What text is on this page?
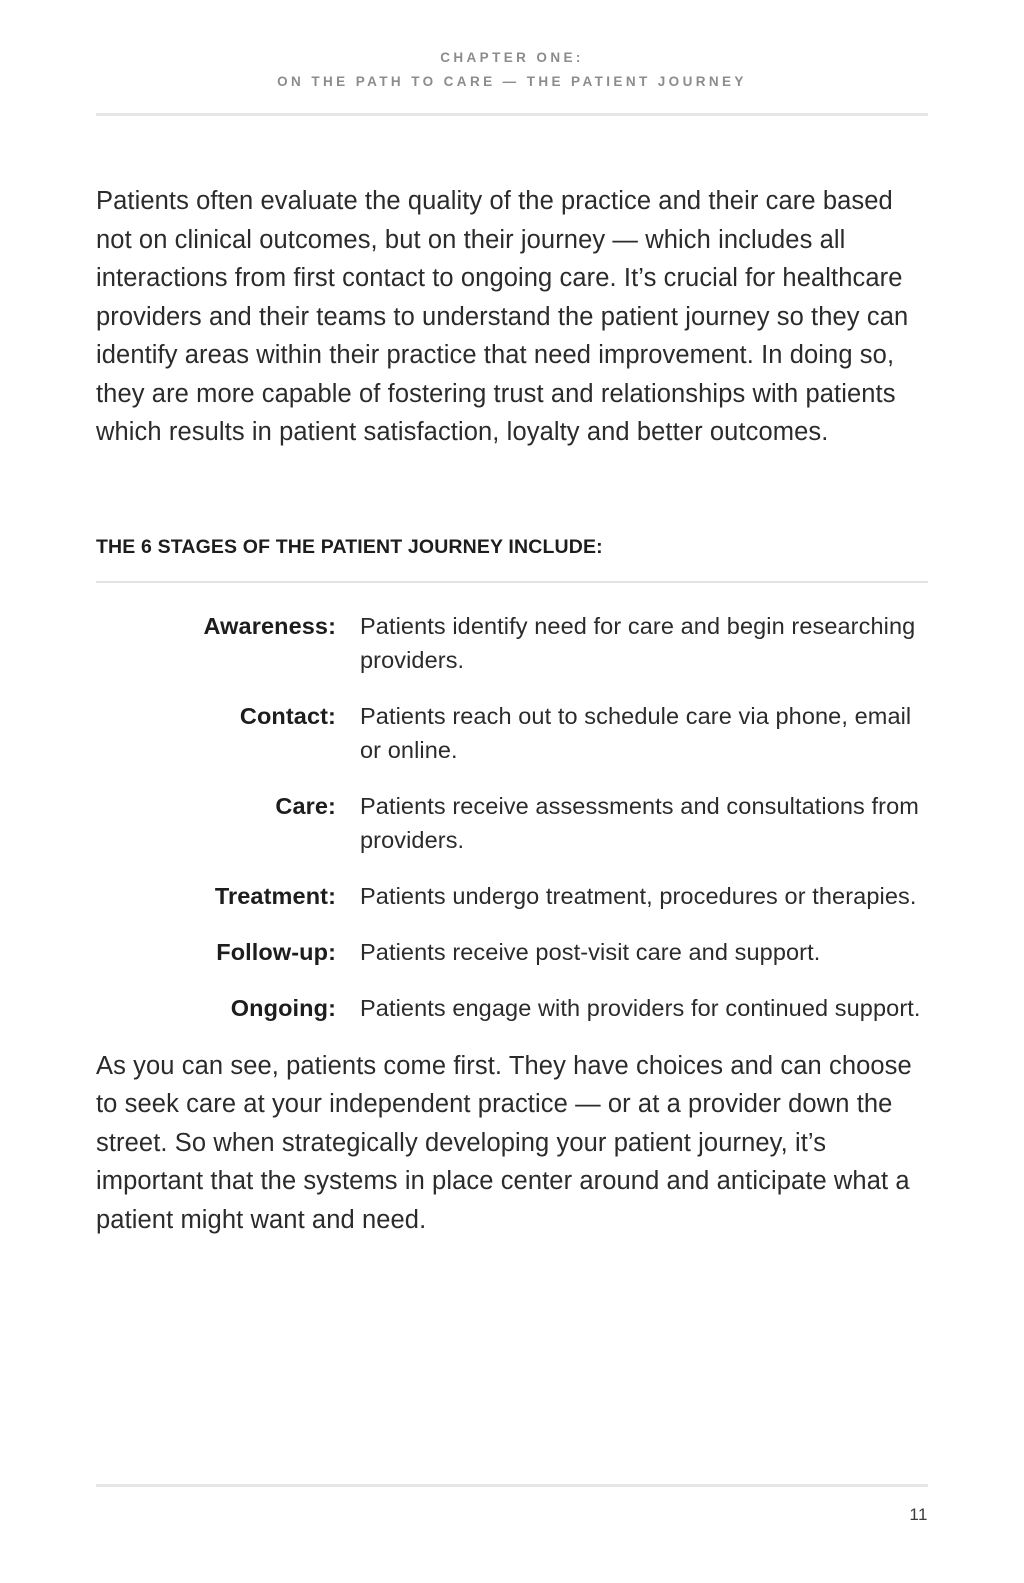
CHAPTER ONE:
ON THE PATH TO CARE — THE PATIENT JOURNEY

Patients often evaluate the quality of the practice and their care based not on clinical outcomes, but on their journey — which includes all interactions from first contact to ongoing care. It’s crucial for healthcare providers and their teams to understand the patient journey so they can identify areas within their practice that need improvement. In doing so, they are more capable of fostering trust and relationships with patients which results in patient satisfaction, loyalty and better outcomes.

THE 6 STAGES OF THE PATIENT JOURNEY INCLUDE:
Awareness:	Patients identify need for care and begin researching providers.
Contact:	Patients reach out to schedule care via phone, email or online.
Care:	Patients receive assessments and consultations from providers.
Treatment:	Patients undergo treatment, procedures or therapies.
Follow-up:	Patients receive post-visit care and support.
Ongoing:	Patients engage with providers for continued support.

As you can see, patients come first. They have choices and can choose to seek care at your independent practice — or at a provider down the street. So when strategically developing your patient journey, it’s important that the systems in place center around and anticipate what a patient might want and need.

11
